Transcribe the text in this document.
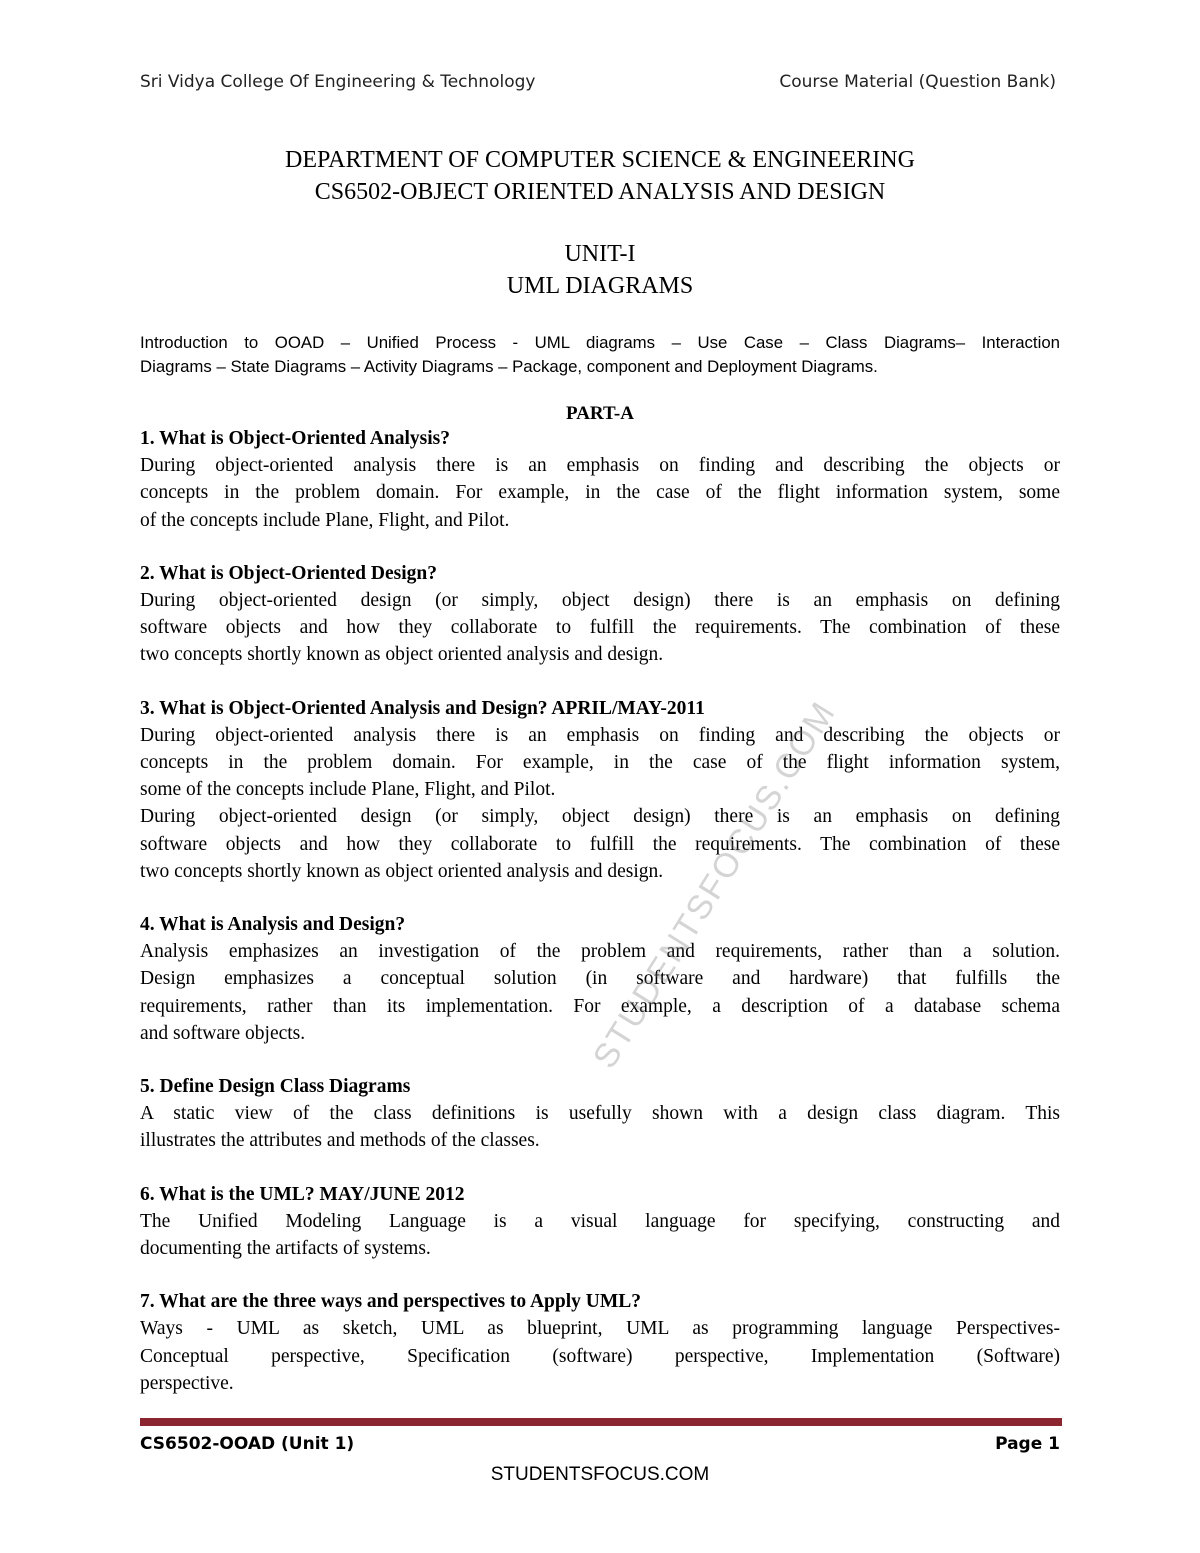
Sri Vidya College Of Engineering & Technology	Course Material (Question Bank)
DEPARTMENT OF COMPUTER SCIENCE & ENGINEERING
CS6502-OBJECT ORIENTED ANALYSIS AND DESIGN
UNIT-I
UML DIAGRAMS
Introduction to OOAD – Unified Process - UML diagrams – Use Case – Class Diagrams– Interaction
Diagrams – State Diagrams – Activity Diagrams – Package, component and Deployment Diagrams.
PART-A
1. What is Object-Oriented Analysis?
During object-oriented analysis there is an emphasis on finding and describing the objects or
concepts in the problem domain. For example, in the case of the flight information system, some
of the concepts include Plane, Flight, and Pilot.
2. What is Object-Oriented Design?
During object-oriented design (or simply, object design) there is an emphasis on defining
software objects and how they collaborate to fulfill the requirements. The combination of these
two concepts shortly known as object oriented analysis and design.
3. What is Object-Oriented Analysis and Design? APRIL/MAY-2011
During object-oriented analysis there is an emphasis on finding and describing the objects or
concepts in the problem domain. For example, in the case of the flight information system,
some of the concepts include Plane, Flight, and Pilot.
During object-oriented design (or simply, object design) there is an emphasis on defining
software objects and how they collaborate to fulfill the requirements. The combination of these
two concepts shortly known as object oriented analysis and design.
4. What is Analysis and Design?
Analysis emphasizes an investigation of the problem and requirements, rather than a solution.
Design emphasizes a conceptual solution (in software and hardware) that fulfills the
requirements, rather than its implementation. For example, a description of a database schema
and software objects.
5. Define Design Class Diagrams
A static view of the class definitions is usefully shown with a design class diagram. This
illustrates the attributes and methods of the classes.
6. What is the UML? MAY/JUNE 2012
The Unified Modeling Language is a visual language for specifying, constructing and
documenting the artifacts of systems.
7. What are the three ways and perspectives to Apply UML?
Ways - UML as sketch, UML as blueprint, UML as programming language Perspectives-
Conceptual perspective, Specification (software) perspective, Implementation (Software)
perspective.
STUDENTSFOCUS.COM
CS6502-OOAD (Unit 1)	Page 1
STUDENTSFOCUS.COM
